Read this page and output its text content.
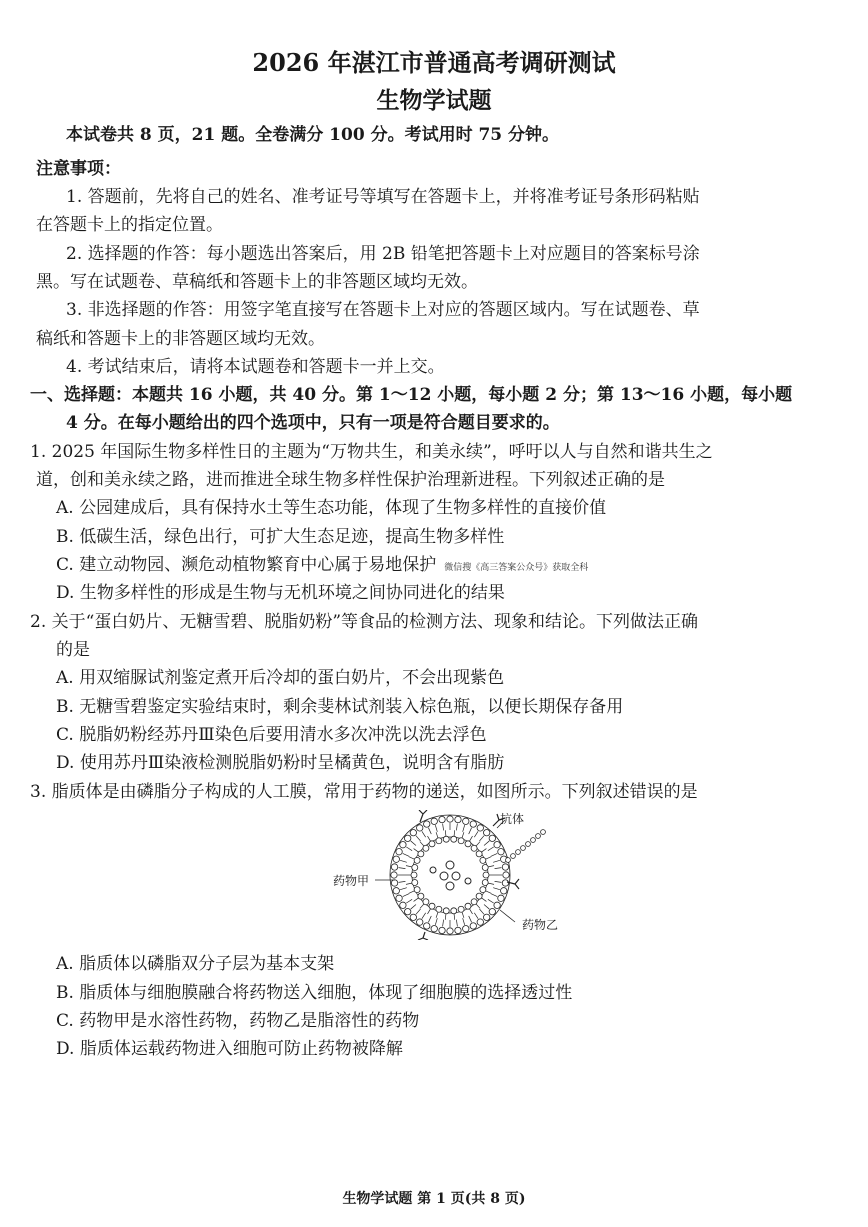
2026 年湛江市普通高考调研测试
生物学试题
本试卷共 8 页，21 题。全卷满分 100 分。考试用时 75 分钟。
注意事项：
1. 答题前，先将自己的姓名、准考证号等填写在答题卡上，并将准考证号条形码粘贴
在答题卡上的指定位置。
2. 选择题的作答：每小题选出答案后，用 2B 铅笔把答题卡上对应题目的答案标号涂
黑。写在试题卷、草稿纸和答题卡上的非答题区域均无效。
3. 非选择题的作答：用签字笔直接写在答题卡上对应的答题区域内。写在试题卷、草
稿纸和答题卡上的非答题区域均无效。
4. 考试结束后，请将本试题卷和答题卡一并上交。
一、选择题：本题共 16 小题，共 40 分。第 1～12 小题，每小题 2 分；第 13～16 小题，每小题
4 分。在每小题给出的四个选项中，只有一项是符合题目要求的。
1. 2025 年国际生物多样性日的主题为“万物共生，和美永续”，呼吁以人与自然和谐共生之
道，创和美永续之路，进而推进全球生物多样性保护治理新进程。下列叙述正确的是
A. 公园建成后，具有保持水土等生态功能，体现了生物多样性的直接价值
B. 低碳生活，绿色出行，可扩大生态足迹，提高生物多样性
C. 建立动物园、濒危动植物繁育中心属于易地保护 微信搜《高三答案公众号》获取全科
D. 生物多样性的形成是生物与无机环境之间协同进化的结果
2. 关于“蛋白奶片、无糖雪碧、脱脂奶粉”等食品的检测方法、现象和结论。下列做法正确
的是
A. 用双缩脲试剂鉴定煮开后冷却的蛋白奶片，不会出现紫色
B. 无糖雪碧鉴定实验结束时，剩余斐林试剂装入棕色瓶，以便长期保存备用
C. 脱脂奶粉经苏丹Ⅲ染色后要用清水多次冲洗以洗去浮色
D. 使用苏丹Ⅲ染液检测脱脂奶粉时呈橘黄色，说明含有脂肪
3. 脂质体是由磷脂分子构成的人工膜，常用于药物的递送，如图所示。下列叙述错误的是
抗体
药物甲
药物乙
A. 脂质体以磷脂双分子层为基本支架
B. 脂质体与细胞膜融合将药物送入细胞，体现了细胞膜的选择透过性
C. 药物甲是水溶性药物，药物乙是脂溶性的药物
D. 脂质体运载药物进入细胞可防止药物被降解
生物学试题 第 1 页(共 8 页)
